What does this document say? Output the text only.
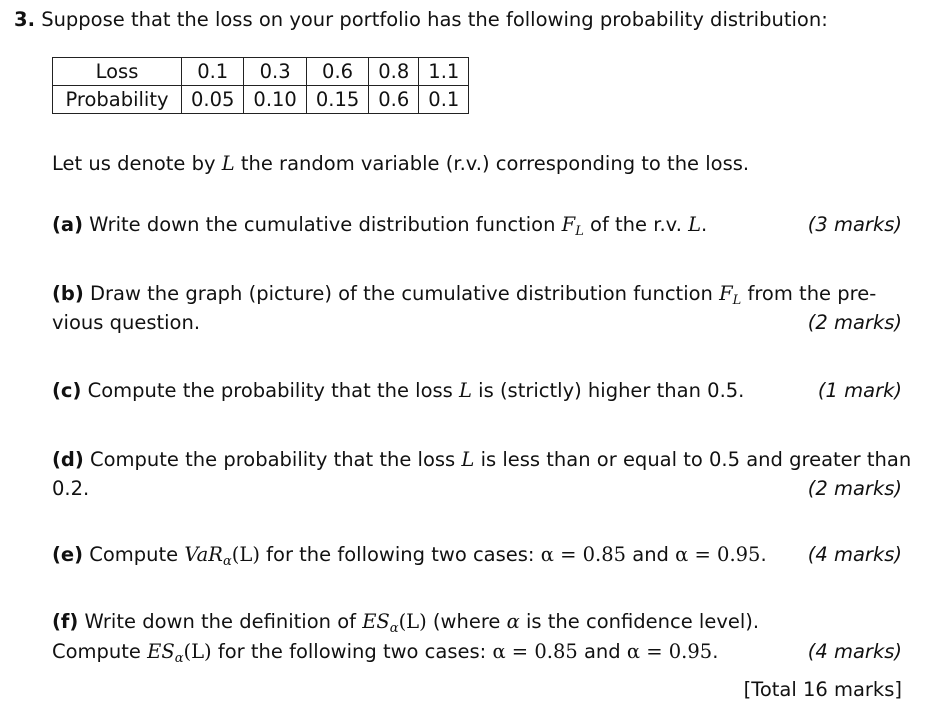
3. Suppose that the loss on your portfolio has the following probability distribution:
Loss	0.1	0.3	0.6	0.8	1.1
Probability	0.05	0.10	0.15	0.6	0.1
Let us denote by L the random variable (r.v.) corresponding to the loss.
(a) Write down the cumulative distribution function $F_L$ of the r.v. L.	(3 marks)
(b) Draw the graph (picture) of the cumulative distribution function $F_L$ from the pre-
vious question.	(2 marks)
(c) Compute the probability that the loss L is (strictly) higher than 0.5.	(1 mark)
(d) Compute the probability that the loss L is less than or equal to 0.5 and greater than
0.2.	(2 marks)
(e) Compute VaR$_\alpha$(L) for the following two cases: α = 0.85 and α = 0.95. (4 marks)
(f) Write down the definition of $ES_\alpha(L)$ (where α is the confidence level).
Compute $ES_\alpha(L)$ for the following two cases: α = 0.85 and α = 0.95.	(4 marks)
[Total 16 marks]
